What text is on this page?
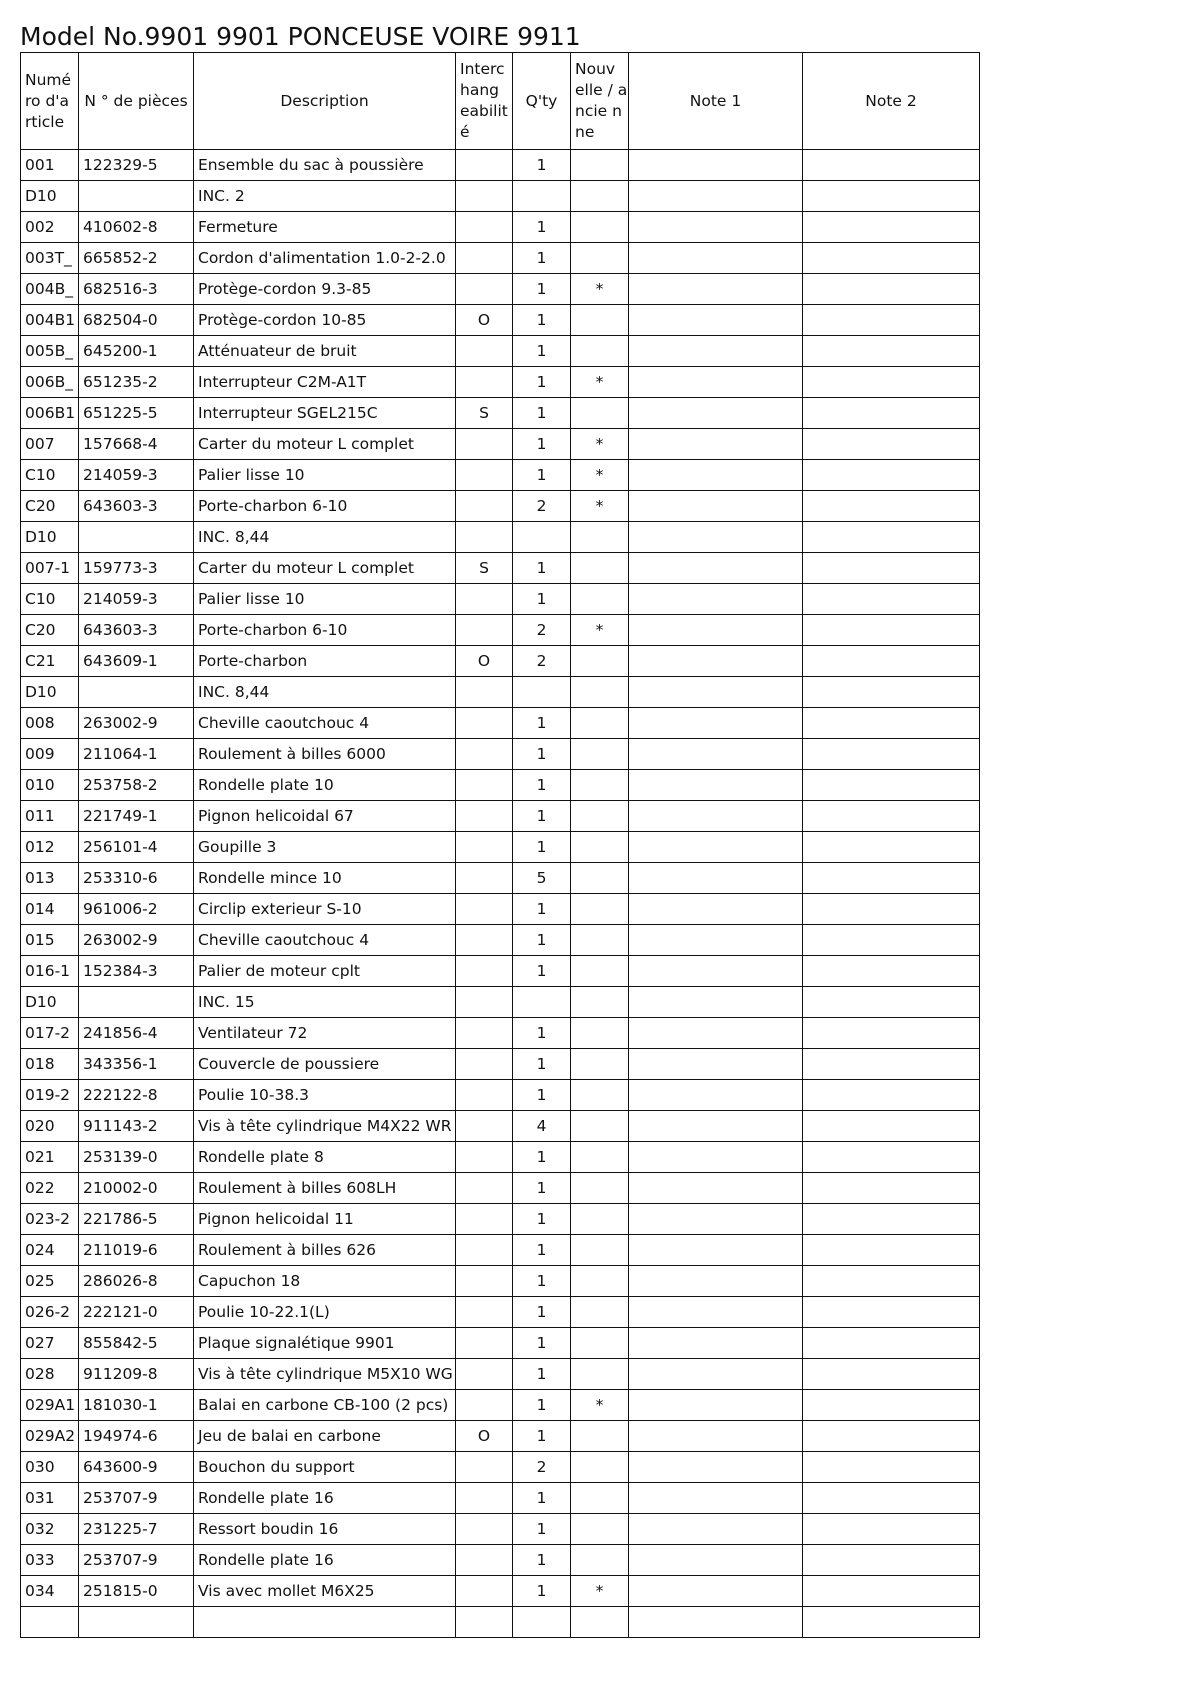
Model No.9901 9901 PONCEUSE VOIRE 9911
Numé ro d'a rticle	N ° de pièces	Description	Interc hang eabilit é	Q'ty	Nouv elle / ancie nne	Note 1	Note 2
001	122329-5	Ensemble du sac à poussière		1			
D10		INC. 2					
002	410602-8	Fermeture		1			
003T_	665852-2	Cordon d'alimentation 1.0-2-2.0		1			
004B_	682516-3	Protège-cordon 9.3-85		1	*		
004B1	682504-0	Protège-cordon 10-85	O	1			
005B_	645200-1	Atténuateur de bruit		1			
006B_	651235-2	Interrupteur C2M-A1T		1	*		
006B1	651225-5	Interrupteur SGEL215C	S	1			
007	157668-4	Carter du moteur L complet		1	*		
C10	214059-3	Palier lisse 10		1	*		
C20	643603-3	Porte-charbon 6-10		2	*		
D10		INC. 8,44					
007-1	159773-3	Carter du moteur L complet	S	1			
C10	214059-3	Palier lisse 10		1			
C20	643603-3	Porte-charbon 6-10		2	*		
C21	643609-1	Porte-charbon	O	2			
D10		INC. 8,44					
008	263002-9	Cheville caoutchouc 4		1			
009	211064-1	Roulement à billes 6000		1			
010	253758-2	Rondelle plate 10		1			
011	221749-1	Pignon helicoidal 67		1			
012	256101-4	Goupille 3		1			
013	253310-6	Rondelle mince 10		5			
014	961006-2	Circlip exterieur S-10		1			
015	263002-9	Cheville caoutchouc 4		1			
016-1	152384-3	Palier de moteur cplt		1			
D10		INC. 15					
017-2	241856-4	Ventilateur 72		1			
018	343356-1	Couvercle de poussiere		1			
019-2	222122-8	Poulie 10-38.3		1			
020	911143-2	Vis à tête cylindrique M4X22 WR		4			
021	253139-0	Rondelle plate 8		1			
022	210002-0	Roulement à billes 608LH		1			
023-2	221786-5	Pignon helicoidal 11		1			
024	211019-6	Roulement à billes 626		1			
025	286026-8	Capuchon 18		1			
026-2	222121-0	Poulie 10-22.1(L)		1			
027	855842-5	Plaque signalétique 9901		1			
028	911209-8	Vis à tête cylindrique M5X10 WG		1			
029A1	181030-1	Balai en carbone CB-100 (2 pcs)		1	*		
029A2	194974-6	Jeu de balai en carbone	O	1			
030	643600-9	Bouchon du support		2			
031	253707-9	Rondelle plate 16		1			
032	231225-7	Ressort boudin 16		1			
033	253707-9	Rondelle plate 16		1			
034	251815-0	Vis avec mollet M6X25		1	*		
